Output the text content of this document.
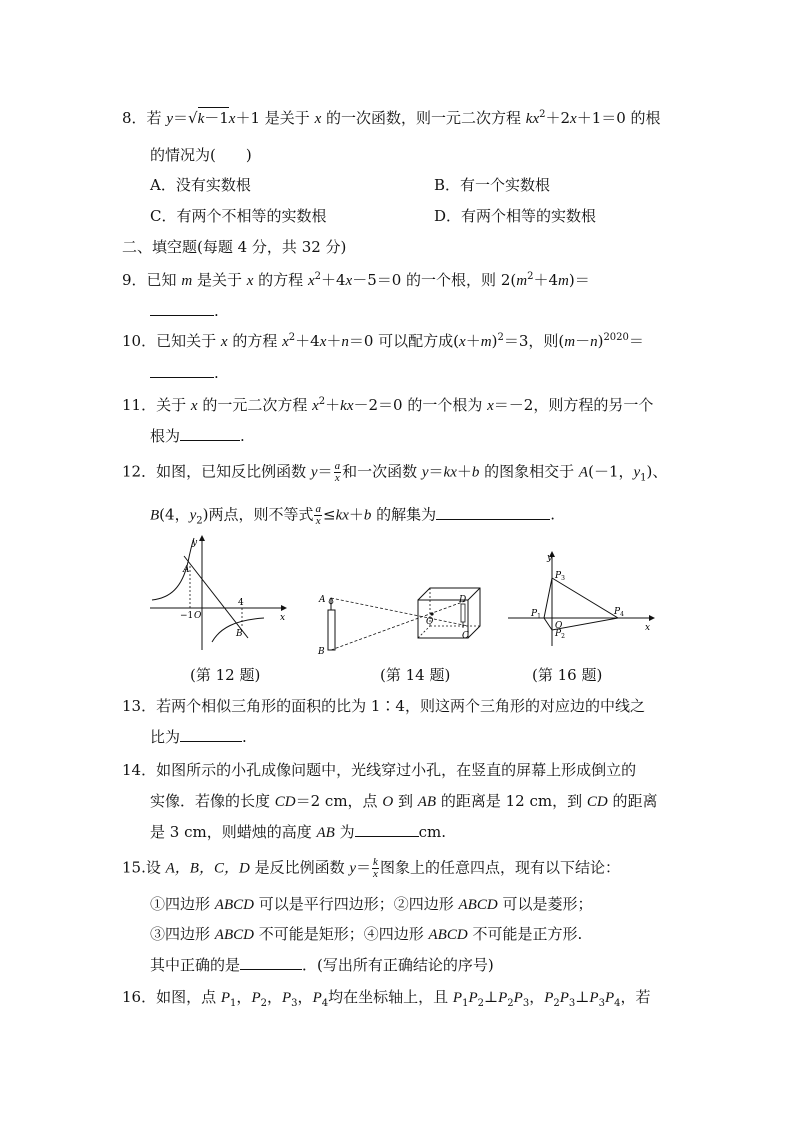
8．若 y＝√k－1x＋1 是关于 x 的一次函数，则一元二次方程 $kx^2+2x+1=0$ 的根
的情况为(　　)
A．没有实数根	B．有一个实数根
C．有两个不相等的实数根	D．有两个相等的实数根
二、填空题(每题 4 分，共 32 分)
9．已知 m 是关于 x 的方程 $x^2+4x-5=0$ 的一个根，则 $2(m^2+4m)=$
.
10．已知关于 x 的方程 $x^2+4x+n=0$ 可以配方成$(x+m)^2=3$，则$(m-n)^{2020}=$
.
11．关于 x 的一元二次方程 $x^2+kx-2=0$ 的一个根为 x＝－2，则方程的另一个
根为	.
12．如图，已知反比例函数 $y= \frac{a}{x}$ 和一次函数 y＝kx＋b 的图象相交于 A(－1，$y_1$)、
B(4，$y_2$)两点，则不等式 $\frac{a}{x} \le kx+b$ 的解集为	.
y
x
A
B
O
−1
4
(第 12 题)
A
B
O
D
C
(第 14 题)
y
x
O
$P_1$
$P_3$
$P_4$
$P_2$
(第 16 题)
13．若两个相似三角形的面积的比为 1∶4，则这两个三角形的对应边的中线之
比为	.
14．如图所示的小孔成像问题中，光线穿过小孔，在竖直的屏幕上形成倒立的
实像．若像的长度 CD＝2 cm，点 O 到 AB 的距离是 12 cm，到 CD 的距离
是 3 cm，则蜡烛的高度 AB 为	cm.
15.设 A，B，C，D 是反比例函数 $y= \frac{k}{x}$ 图象上的任意四点，现有以下结论：
①四边形 ABCD 可以是平行四边形；②四边形 ABCD 可以是菱形；
③四边形 ABCD 不可能是矩形；④四边形 ABCD 不可能是正方形.
其中正确的是	．(写出所有正确结论的序号)
16．如图，点 $P_1$，$P_2$，$P_3$，$P_4$均在坐标轴上，且 $P_1P_2\perp P_2P_3$，$P_2P_3\perp P_3P_4$，若
